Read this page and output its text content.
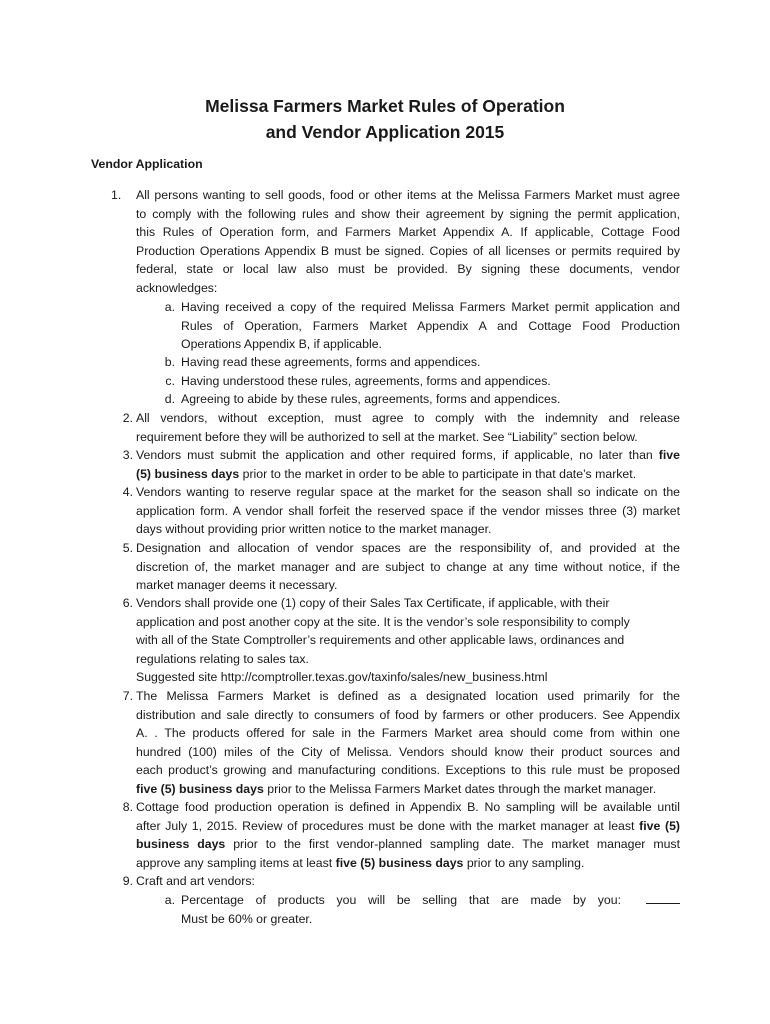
Melissa Farmers Market Rules of Operation
and Vendor Application 2015
Vendor Application
1.	All persons wanting to sell goods, food or other items at the Melissa Farmers Market must agree
to comply with the following rules and show their agreement by signing the permit application,
this Rules of Operation form, and Farmers Market Appendix A. If applicable, Cottage Food
Production Operations Appendix B must be signed. Copies of all licenses or permits required by
federal, state or local law also must be provided. By signing these documents, vendor
acknowledges:
a. Having received a copy of the required Melissa Farmers Market permit application and
Rules of Operation, Farmers Market Appendix A and Cottage Food Production
Operations Appendix B, if applicable.
b. Having read these agreements, forms and appendices.
c. Having understood these rules, agreements, forms and appendices.
d. Agreeing to abide by these rules, agreements, forms and appendices.
2. All vendors, without exception, must agree to comply with the indemnity and release
requirement before they will be authorized to sell at the market. See “Liability” section below.
3. Vendors must submit the application and other required forms, if applicable, no later than five
(5) business days prior to the market in order to be able to participate in that date’s market.
4. Vendors wanting to reserve regular space at the market for the season shall so indicate on the
application form. A vendor shall forfeit the reserved space if the vendor misses three (3) market
days without providing prior written notice to the market manager.
5. Designation and allocation of vendor spaces are the responsibility of, and provided at the
discretion of, the market manager and are subject to change at any time without notice, if the
market manager deems it necessary.
6. Vendors shall provide one (1) copy of their Sales Tax Certificate, if applicable, with their
application and post another copy at the site. It is the vendor’s sole responsibility to comply
with all of the State Comptroller’s requirements and other applicable laws, ordinances and
regulations relating to sales tax.
Suggested site http://comptroller.texas.gov/taxinfo/sales/new_business.html
7. The Melissa Farmers Market is defined as a designated location used primarily for the
distribution and sale directly to consumers of food by farmers or other producers. See Appendix
A. . The products offered for sale in the Farmers Market area should come from within one
hundred (100) miles of the City of Melissa. Vendors should know their product sources and
each product’s growing and manufacturing conditions. Exceptions to this rule must be proposed
five (5) business days prior to the Melissa Farmers Market dates through the market manager.
8. Cottage food production operation is defined in Appendix B. No sampling will be available until
after July 1, 2015. Review of procedures must be done with the market manager at least five (5)
business days prior to the first vendor-planned sampling date. The market manager must
approve any sampling items at least five (5) business days prior to any sampling.
9. Craft and art vendors:
a. Percentage of products you will be selling that are made by you:
Must be 60% or greater.
